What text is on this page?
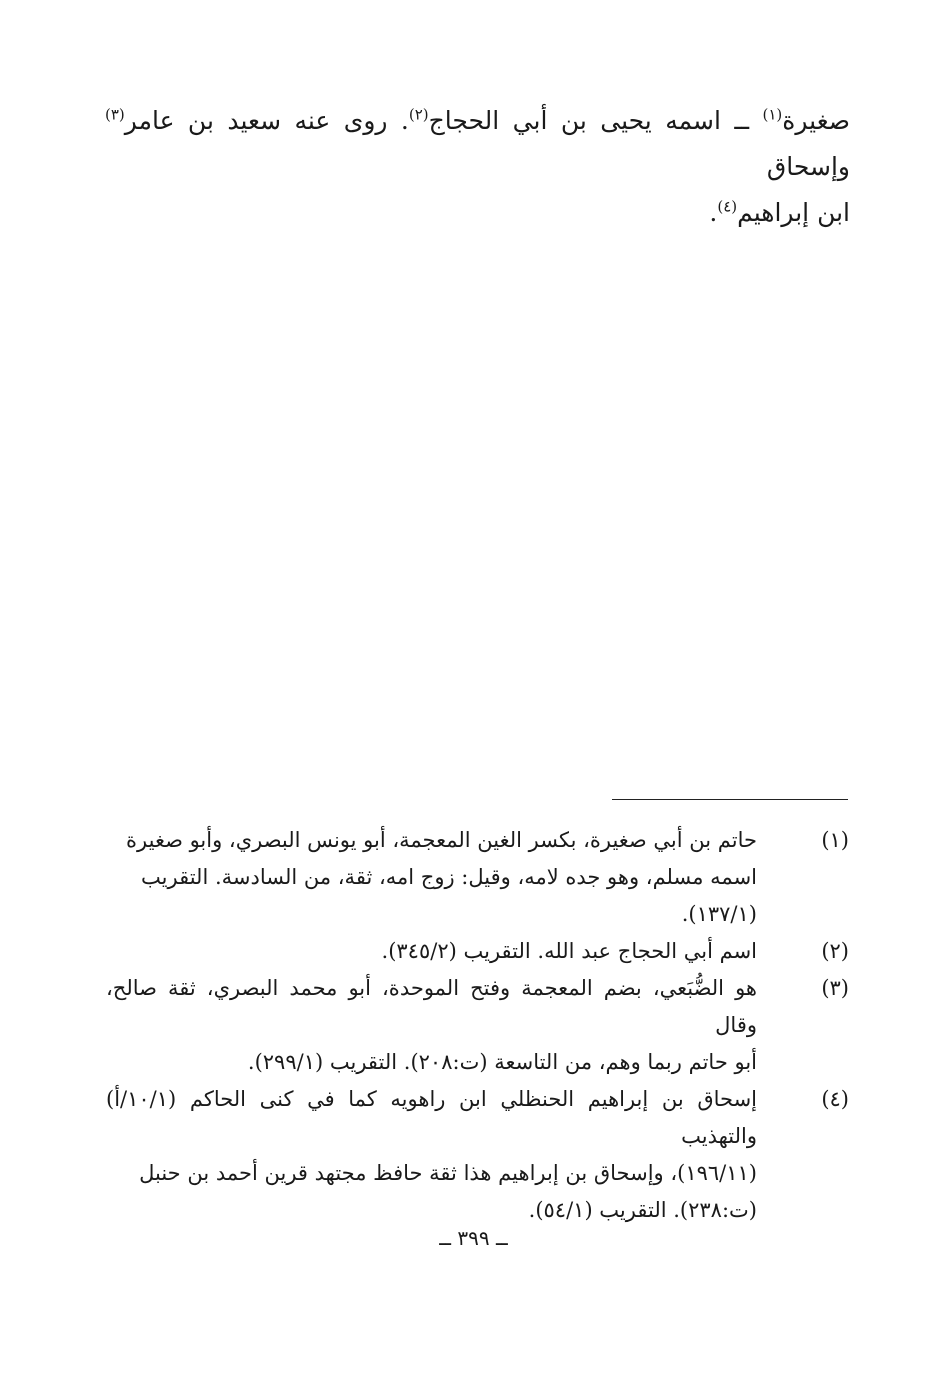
صغيرة$^{(١)}$ ــ اسمه يحيى بن أبي الحجاج$^{(٢)}$. روى عنه سعيد بن عامر$^{(٣)}$ وإسحاق
ابن إبراهيم$^{(٤)}$.

(١)
حاتم بن أبي صغيرة، بكسر الغين المعجمة، أبو يونس البصري، وأبو صغيرة
اسمه مسلم، وهو جده لامه، وقيل: زوج امه، ثقة، من السادسة. التقريب
(١٣٧/١).
(٢)
اسم أبي الحجاج عبد الله. التقريب (٣٤٥/٢).
(٣)
هو الضُّبَعي، بضم المعجمة وفتح الموحدة، أبو محمد البصري، ثقة صالح، وقال
أبو حاتم ربما وهم، من التاسعة (ت:٢٠٨). التقريب (٢٩٩/١).
(٤)
إسحاق بن إبراهيم الحنظلي ابن راهويه كما في كنى الحاكم (١٠/١/أ) والتهذيب
(١٩٦/١١)، وإسحاق بن إبراهيم هذا ثقة حافظ مجتهد قرين أحمد بن حنبل
(ت:٢٣٨). التقريب (٥٤/١).
ــ ٣٩٩ ــ
